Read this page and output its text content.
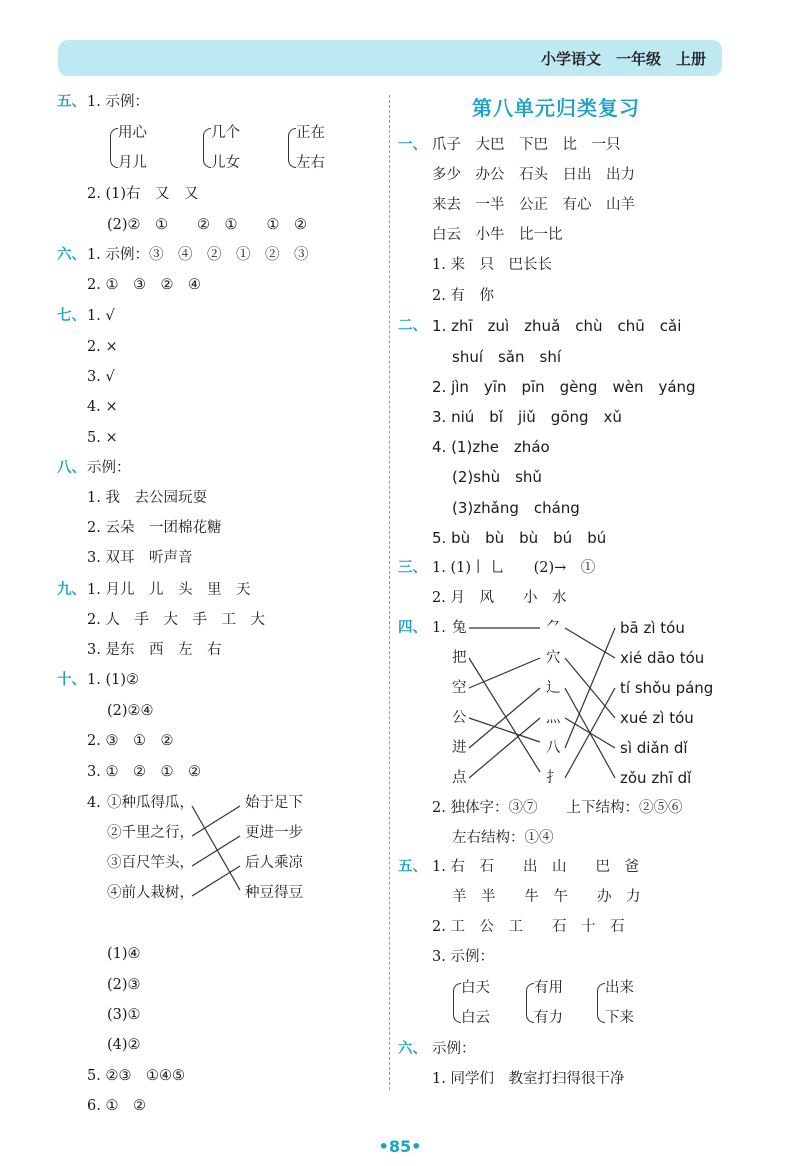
小学语文　一年级　上册
第八单元归类复习
五、 1. 示例：
用心
月儿
几个
儿女
正在
左右
2. (1)右　又　又
(2)②　①　　②　①　　①　②
六、 1. 示例：③　④　②　①　②　③
2. ①　③　②　④
七、 1. √
2. ×
3. √
4. ×
5. ×
八、 示例：
1. 我　去公园玩耍
2. 云朵　一团棉花糖
3. 双耳　听声音
九、 1. 月儿　儿　头　里　天
2. 人　手　大　手　工　大
3. 是东　西　左　右
十、 1. (1)②
(2)②④
2. ③　①　②
3. ①　②　①　②
4. ①种瓜得瓜，
②千里之行，
③百尺竿头，
④前人栽树，
始于足下
更进一步
后人乘凉
种豆得豆
(1)④
(2)③
(3)①
(4)②
5. ②③　①④⑤
6. ①　②
一、 爪子　大巴　下巴　比　一只
多少　办公　石头　日出　出力
来去　一半　公正　有心　山羊
白云　小牛　比一比
1. 来　只　巴长长
2. 有　你
二、 1. zhī　zuì　zhuǎ　chù　chū　cǎi
shuí　sǎn　shí
2. jìn　yīn　pīn　gèng　wèn　yáng
3. niú　bǐ　jiǔ　gōng　xǔ
4. (1)zhe　zháo
(2)shù　shǔ
(3)zhǎng　cháng
5. bù　bù　bù　bú　bú
三、 1. (1)丨 乚　　(2)→　①
2. 月　风　　小　水
四、 1. 兔
把
空
公
进
点
⺈
穴
辶
灬
八
扌
bā zì tóu
xié dāo tóu
tí shǒu páng
xué zì tóu
sì diǎn dǐ
zǒu zhī dǐ
2. 独体字：③⑦　　上下结构：②⑤⑥
左右结构：①④
五、 1. 右　石　　出　山　　巴　爸
羊　半　　牛　午　　办　力
2. 工　公　工　　石　十　石
3. 示例：
白天
白云
有用
有力
出来
下来
六、 示例：
1. 同学们　教室打扫得很干净
•85•
